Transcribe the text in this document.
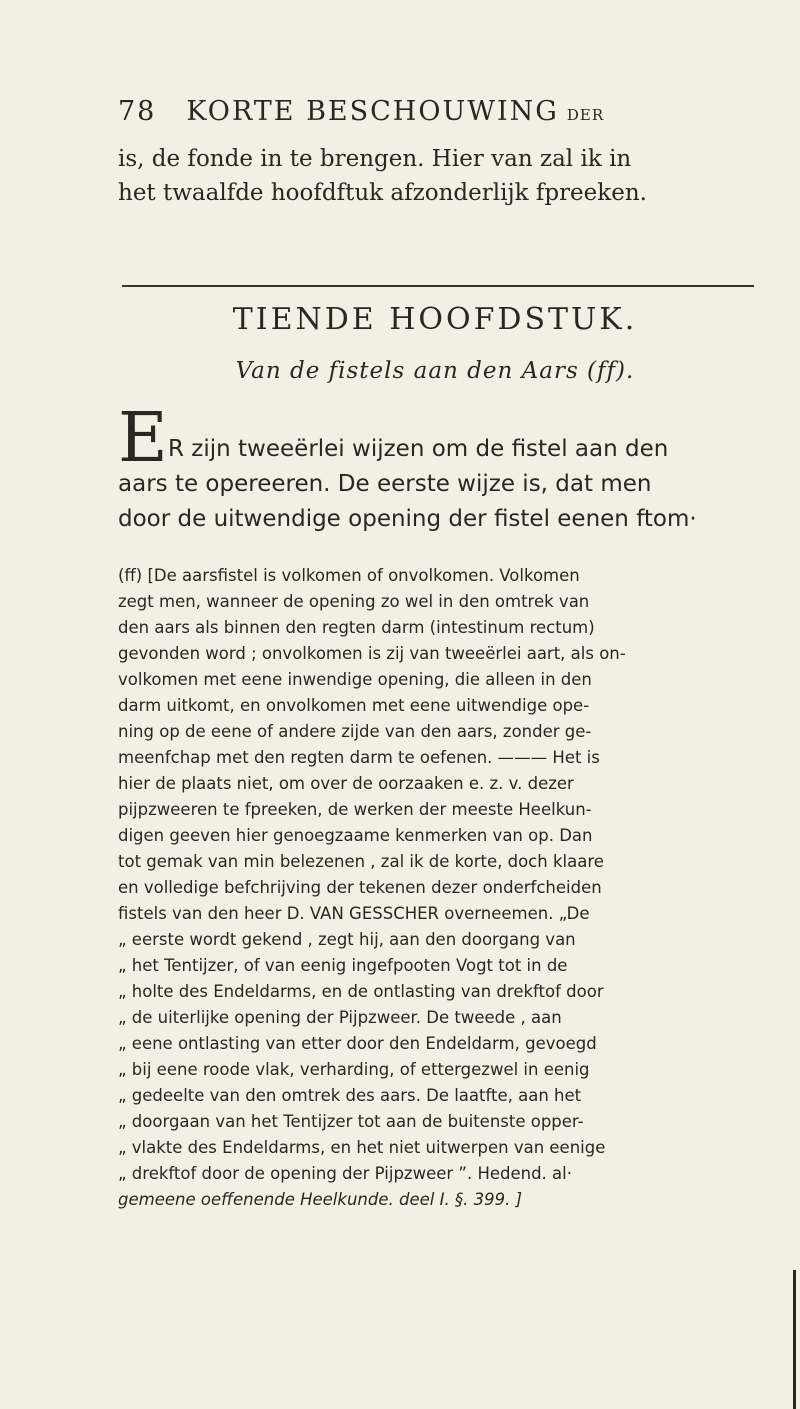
78 KORTE BESCHOUWING DER
is, de fonde in te brengen. Hier van zal ik in
het twaalfde hoofdftuk afzonderlijk fpreeken.
TIENDE HOOFDSTUK.
Van de fistels aan den Aars (ff).
E R zijn tweeërlei wijzen om de fistel aan den
aars te opereeren. De eerste wijze is, dat men
door de uitwendige opening der fistel eenen ftom·
(ff) [De aarsfistel is volkomen of onvolkomen. Volkomen
zegt men, wanneer de opening zo wel in den omtrek van
den aars als binnen den regten darm (intestinum rectum)
gevonden word ; onvolkomen is zij van tweeërlei aart, als on-
volkomen met eene inwendige opening, die alleen in den
darm uitkomt, en onvolkomen met eene uitwendige ope-
ning op de eene of andere zijde van den aars, zonder ge-
meenfchap met den regten darm te oefenen. ——— Het is
hier de plaats niet, om over de oorzaaken e. z. v. dezer
pijpzweeren te fpreeken, de werken der meeste Heelkun-
digen geeven hier genoegzaame kenmerken van op. Dan
tot gemak van min belezenen , zal ik de korte, doch klaare
en volledige befchrijving der tekenen dezer onderfcheiden
fistels van den heer D. VAN GESSCHER overneemen. „De
„ eerste wordt gekend , zegt hij, aan den doorgang van
„ het Tentijzer, of van eenig ingefpooten Vogt tot in de
„ holte des Endeldarms, en de ontlasting van drekftof door
„ de uiterlijke opening der Pijpzweer. De tweede , aan
„ eene ontlasting van etter door den Endeldarm, gevoegd
„ bij eene roode vlak, verharding, of ettergezwel in eenig
„ gedeelte van den omtrek des aars. De laatfte, aan het
„ doorgaan van het Tentijzer tot aan de buitenste opper-
„ vlakte des Endeldarms, en het niet uitwerpen van eenige
„ drekftof door de opening der Pijpzweer ”. Hedend. al·
gemeene oeffenende Heelkunde. deel I. §. 399. ]
